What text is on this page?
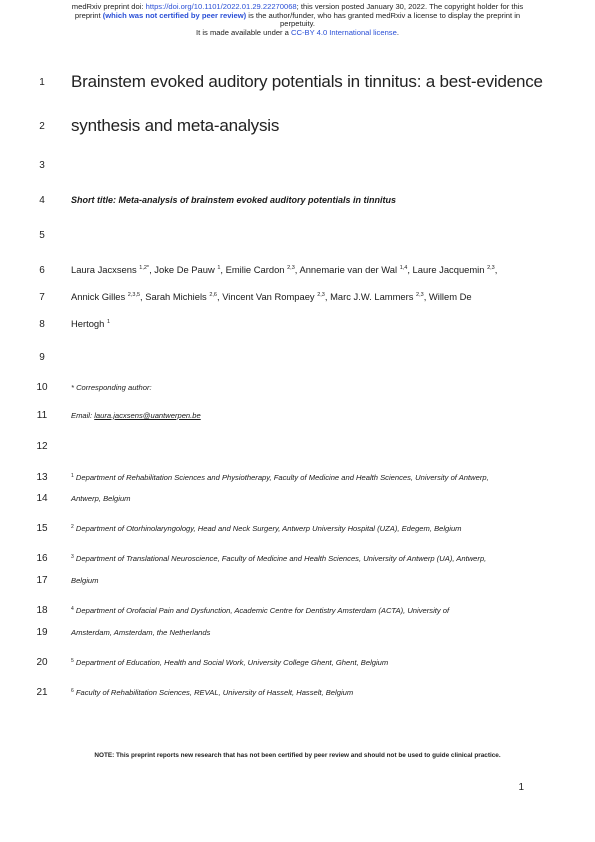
medRxiv preprint doi: https://doi.org/10.1101/2022.01.29.22270068; this version posted January 30, 2022. The copyright holder for this
preprint (which was not certified by peer review) is the author/funder, who has granted medRxiv a license to display the preprint in
perpetuity.
It is made available under a CC-BY 4.0 International license.
1
2
3
4
5
6
7
8
9
10
11
12
13
14
15
16
17
18
19
20
21
Brainstem evoked auditory potentials in tinnitus: a best-evidence
synthesis and meta-analysis
Short title: Meta-analysis of brainstem evoked auditory potentials in tinnitus
Laura Jacxsens $^{1,2*}$, Joke De Pauw $^1$, Emilie Cardon $^{2,3}$, Annemarie van der Wal $^{1,4}$, Laure Jacquemin $^{2,3}$,
Annick Gilles $^{2,3,5}$, Sarah Michiels $^{2,6}$, Vincent Van Rompaey $^{2,3}$, Marc J.W. Lammers $^{2,3}$, Willem De
Hertogh $^1$
* Corresponding author:
Email: laura.jacxsens@uantwerpen.be
$^1$ Department of Rehabilitation Sciences and Physiotherapy, Faculty of Medicine and Health Sciences, University of Antwerp,
Antwerp, Belgium
$^2$ Department of Otorhinolaryngology, Head and Neck Surgery, Antwerp University Hospital (UZA), Edegem, Belgium
$^3$ Department of Translational Neuroscience, Faculty of Medicine and Health Sciences, University of Antwerp (UA), Antwerp,
Belgium
$^4$ Department of Orofacial Pain and Dysfunction, Academic Centre for Dentistry Amsterdam (ACTA), University of
Amsterdam, Amsterdam, the Netherlands
$^5$ Department of Education, Health and Social Work, University College Ghent, Ghent, Belgium
$^6$ Faculty of Rehabilitation Sciences, REVAL, University of Hasselt, Hasselt, Belgium
NOTE: This preprint reports new research that has not been certified by peer review and should not be used to guide clinical practice.
1
